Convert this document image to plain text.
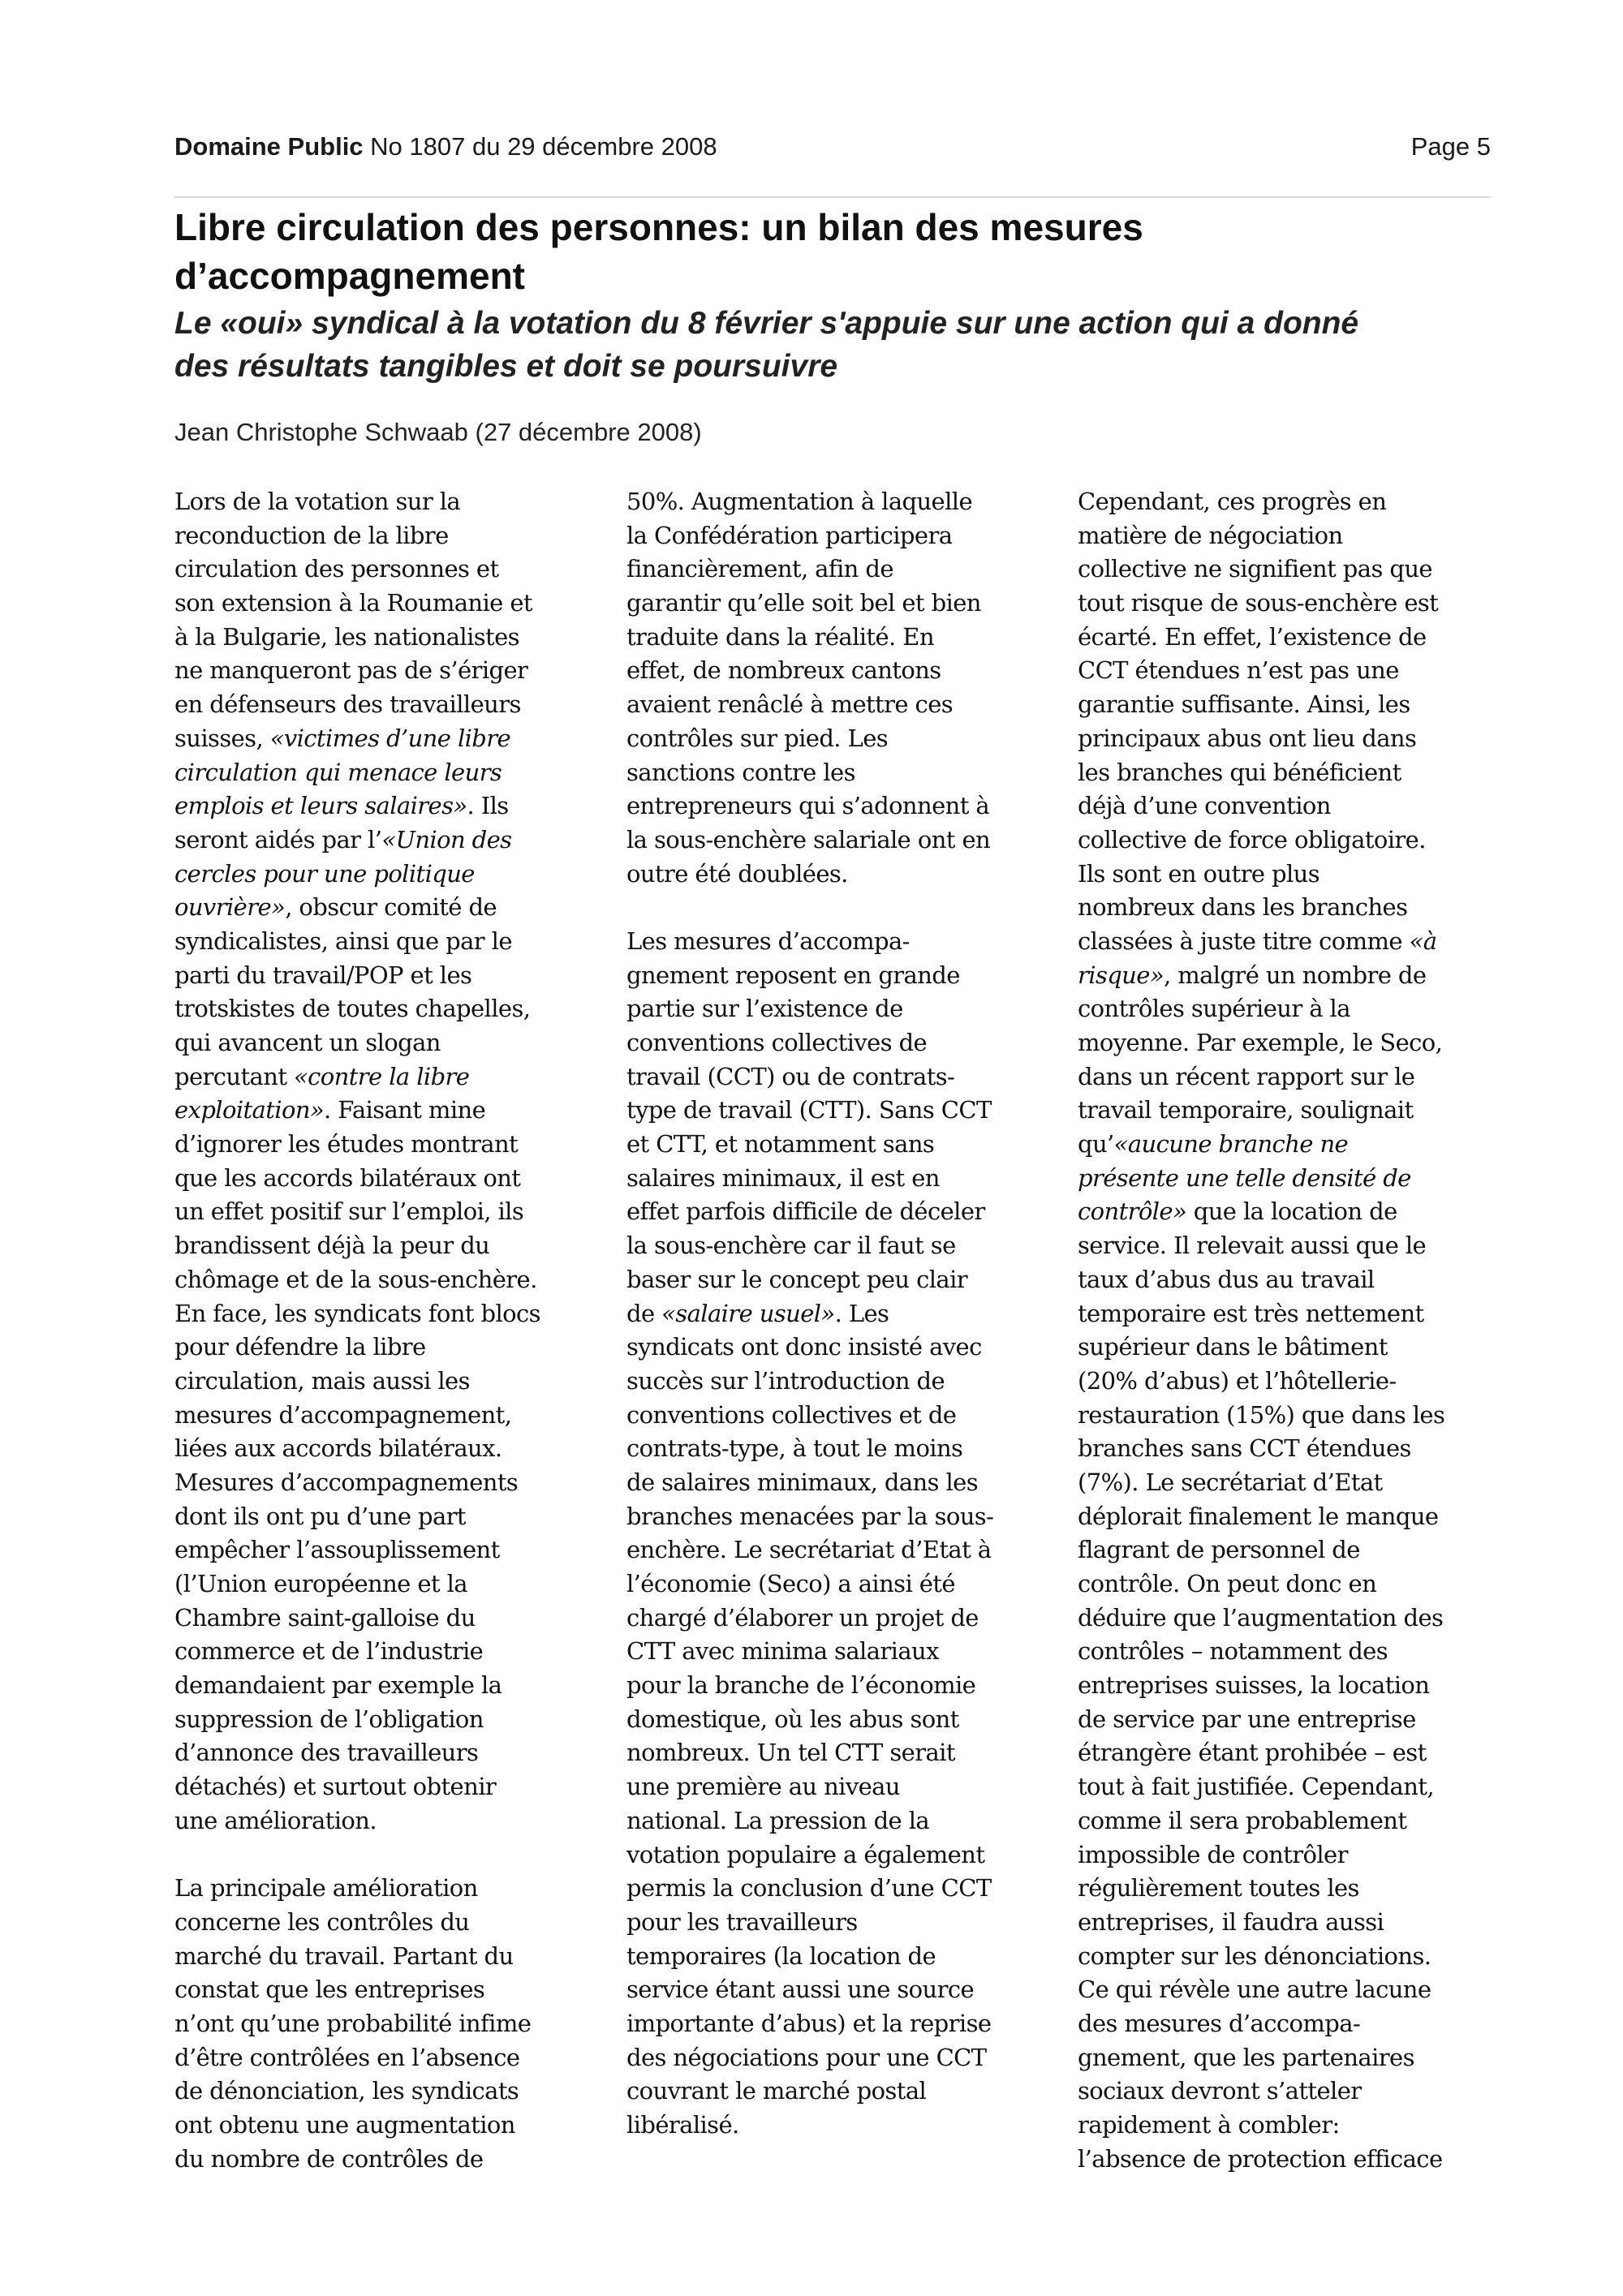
Domaine Public No 1807 du 29 décembre 2008	Page 5
Libre circulation des personnes: un bilan des mesures
d’accompagnement
Le «oui» syndical à la votation du 8 février s'appuie sur une action qui a donné
des résultats tangibles et doit se poursuivre
Jean Christophe Schwaab (27 décembre 2008)
Lors de la votation sur la
reconduction de la libre
circulation des personnes et
son extension à la Roumanie et
à la Bulgarie, les nationalistes
ne manqueront pas de s’ériger
en défenseurs des travailleurs
suisses, «victimes d’une libre
circulation qui menace leurs
emplois et leurs salaires». Ils
seront aidés par l’«Union des
cercles pour une politique
ouvrière», obscur comité de
syndicalistes, ainsi que par le
parti du travail/POP et les
trotskistes de toutes chapelles,
qui avancent un slogan
percutant «contre la libre
exploitation». Faisant mine
d’ignorer les études montrant
que les accords bilatéraux ont
un effet positif sur l’emploi, ils
brandissent déjà la peur du
chômage et de la sous-enchère.
En face, les syndicats font blocs
pour défendre la libre
circulation, mais aussi les
mesures d’accompagnement,
liées aux accords bilatéraux.
Mesures d’accompagnements
dont ils ont pu d’une part
empêcher l’assouplissement
(l’Union européenne et la
Chambre saint-galloise du
commerce et de l’industrie
demandaient par exemple la
suppression de l’obligation
d’annonce des travailleurs
détachés) et surtout obtenir
une amélioration.
La principale amélioration
concerne les contrôles du
marché du travail. Partant du
constat que les entreprises
n’ont qu’une probabilité infime
d’être contrôlées en l’absence
de dénonciation, les syndicats
ont obtenu une augmentation
du nombre de contrôles de
50%. Augmentation à laquelle
la Confédération participera
financièrement, afin de
garantir qu’elle soit bel et bien
traduite dans la réalité. En
effet, de nombreux cantons
avaient renâclé à mettre ces
contrôles sur pied. Les
sanctions contre les
entrepreneurs qui s’adonnent à
la sous-enchère salariale ont en
outre été doublées.
Les mesures d’accompa-
gnement reposent en grande
partie sur l’existence de
conventions collectives de
travail (CCT) ou de contrats-
type de travail (CTT). Sans CCT
et CTT, et notamment sans
salaires minimaux, il est en
effet parfois difficile de déceler
la sous-enchère car il faut se
baser sur le concept peu clair
de «salaire usuel». Les
syndicats ont donc insisté avec
succès sur l’introduction de
conventions collectives et de
contrats-type, à tout le moins
de salaires minimaux, dans les
branches menacées par la sous-
enchère. Le secrétariat d’Etat à
l’économie (Seco) a ainsi été
chargé d’élaborer un projet de
CTT avec minima salariaux
pour la branche de l’économie
domestique, où les abus sont
nombreux. Un tel CTT serait
une première au niveau
national. La pression de la
votation populaire a également
permis la conclusion d’une CCT
pour les travailleurs
temporaires (la location de
service étant aussi une source
importante d’abus) et la reprise
des négociations pour une CCT
couvrant le marché postal
libéralisé.
Cependant, ces progrès en
matière de négociation
collective ne signifient pas que
tout risque de sous-enchère est
écarté. En effet, l’existence de
CCT étendues n’est pas une
garantie suffisante. Ainsi, les
principaux abus ont lieu dans
les branches qui bénéficient
déjà d’une convention
collective de force obligatoire.
Ils sont en outre plus
nombreux dans les branches
classées à juste titre comme «à
risque», malgré un nombre de
contrôles supérieur à la
moyenne. Par exemple, le Seco,
dans un récent rapport sur le
travail temporaire, soulignait
qu’«aucune branche ne
présente une telle densité de
contrôle» que la location de
service. Il relevait aussi que le
taux d’abus dus au travail
temporaire est très nettement
supérieur dans le bâtiment
(20% d’abus) et l’hôtellerie-
restauration (15%) que dans les
branches sans CCT étendues
(7%). Le secrétariat d’Etat
déplorait finalement le manque
flagrant de personnel de
contrôle. On peut donc en
déduire que l’augmentation des
contrôles – notamment des
entreprises suisses, la location
de service par une entreprise
étrangère étant prohibée – est
tout à fait justifiée. Cependant,
comme il sera probablement
impossible de contrôler
régulièrement toutes les
entreprises, il faudra aussi
compter sur les dénonciations.
Ce qui révèle une autre lacune
des mesures d’accompa-
gnement, que les partenaires
sociaux devront s’atteler
rapidement à combler:
l’absence de protection efficace
